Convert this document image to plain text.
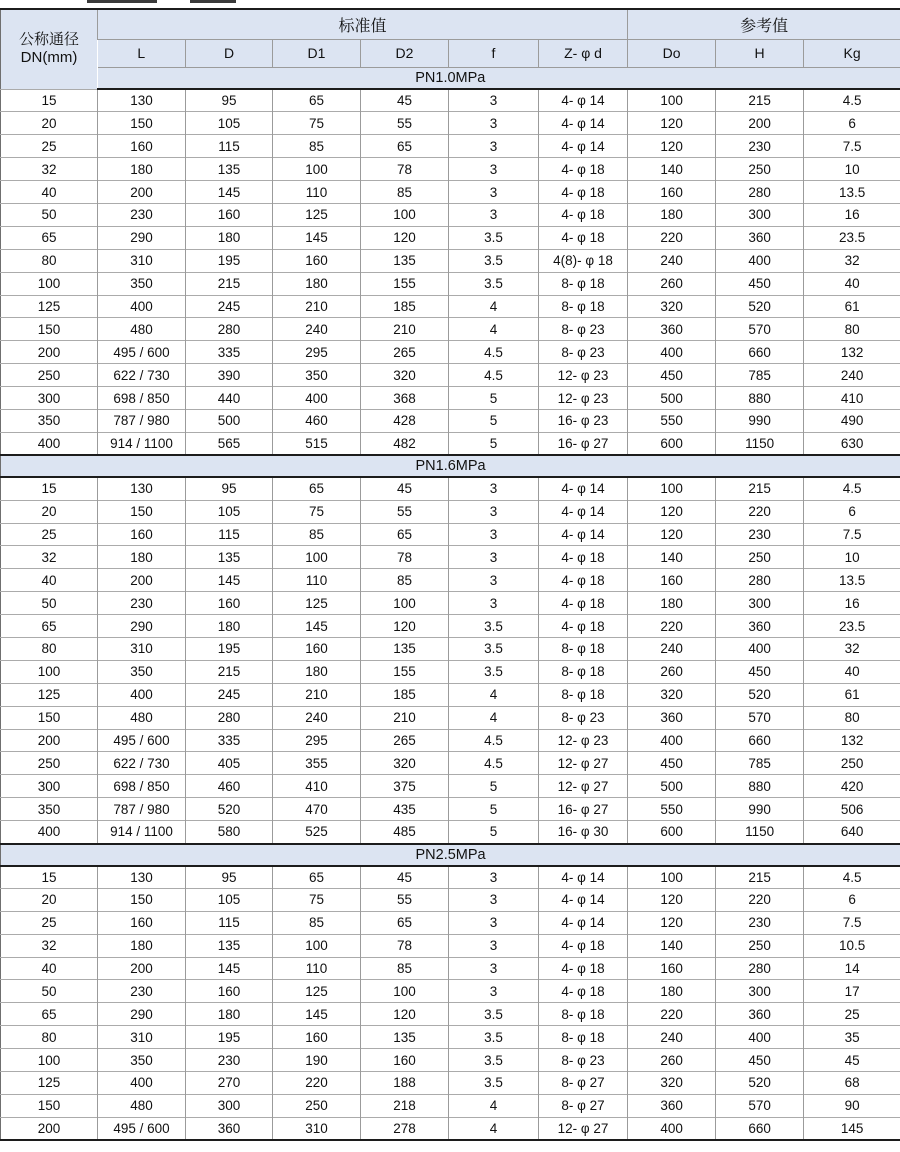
公称通径
DN(mm)	标准值						参考值		
	L	D	D1	D2	f	Z- φ d	Do	H	Kg
	PN1.0MPa								
15	130	95	65	45	3	4- φ 14	100	215	4.5
20	150	105	75	55	3	4- φ 14	120	200	6
25	160	115	85	65	3	4- φ 14	120	230	7.5
32	180	135	100	78	3	4- φ 18	140	250	10
40	200	145	110	85	3	4- φ 18	160	280	13.5
50	230	160	125	100	3	4- φ 18	180	300	16
65	290	180	145	120	3.5	4- φ 18	220	360	23.5
80	310	195	160	135	3.5	4(8)- φ 18	240	400	32
100	350	215	180	155	3.5	8- φ 18	260	450	40
125	400	245	210	185	4	8- φ 18	320	520	61
150	480	280	240	210	4	8- φ 23	360	570	80
200	495 / 600	335	295	265	4.5	8- φ 23	400	660	132
250	622 / 730	390	350	320	4.5	12- φ 23	450	785	240
300	698 / 850	440	400	368	5	12- φ 23	500	880	410
350	787 / 980	500	460	428	5	16- φ 23	550	990	490
400	914 / 1100	565	515	482	5	16- φ 27	600	1150	630
PN1.6MPa									
15	130	95	65	45	3	4- φ 14	100	215	4.5
20	150	105	75	55	3	4- φ 14	120	220	6
25	160	115	85	65	3	4- φ 14	120	230	7.5
32	180	135	100	78	3	4- φ 18	140	250	10
40	200	145	110	85	3	4- φ 18	160	280	13.5
50	230	160	125	100	3	4- φ 18	180	300	16
65	290	180	145	120	3.5	4- φ 18	220	360	23.5
80	310	195	160	135	3.5	8- φ 18	240	400	32
100	350	215	180	155	3.5	8- φ 18	260	450	40
125	400	245	210	185	4	8- φ 18	320	520	61
150	480	280	240	210	4	8- φ 23	360	570	80
200	495 / 600	335	295	265	4.5	12- φ 23	400	660	132
250	622 / 730	405	355	320	4.5	12- φ 27	450	785	250
300	698 / 850	460	410	375	5	12- φ 27	500	880	420
350	787 / 980	520	470	435	5	16- φ 27	550	990	506
400	914 / 1100	580	525	485	5	16- φ 30	600	1150	640
PN2.5MPa									
15	130	95	65	45	3	4- φ 14	100	215	4.5
20	150	105	75	55	3	4- φ 14	120	220	6
25	160	115	85	65	3	4- φ 14	120	230	7.5
32	180	135	100	78	3	4- φ 18	140	250	10.5
40	200	145	110	85	3	4- φ 18	160	280	14
50	230	160	125	100	3	4- φ 18	180	300	17
65	290	180	145	120	3.5	8- φ 18	220	360	25
80	310	195	160	135	3.5	8- φ 18	240	400	35
100	350	230	190	160	3.5	8- φ 23	260	450	45
125	400	270	220	188	3.5	8- φ 27	320	520	68
150	480	300	250	218	4	8- φ 27	360	570	90
200	495 / 600	360	310	278	4	12- φ 27	400	660	145
